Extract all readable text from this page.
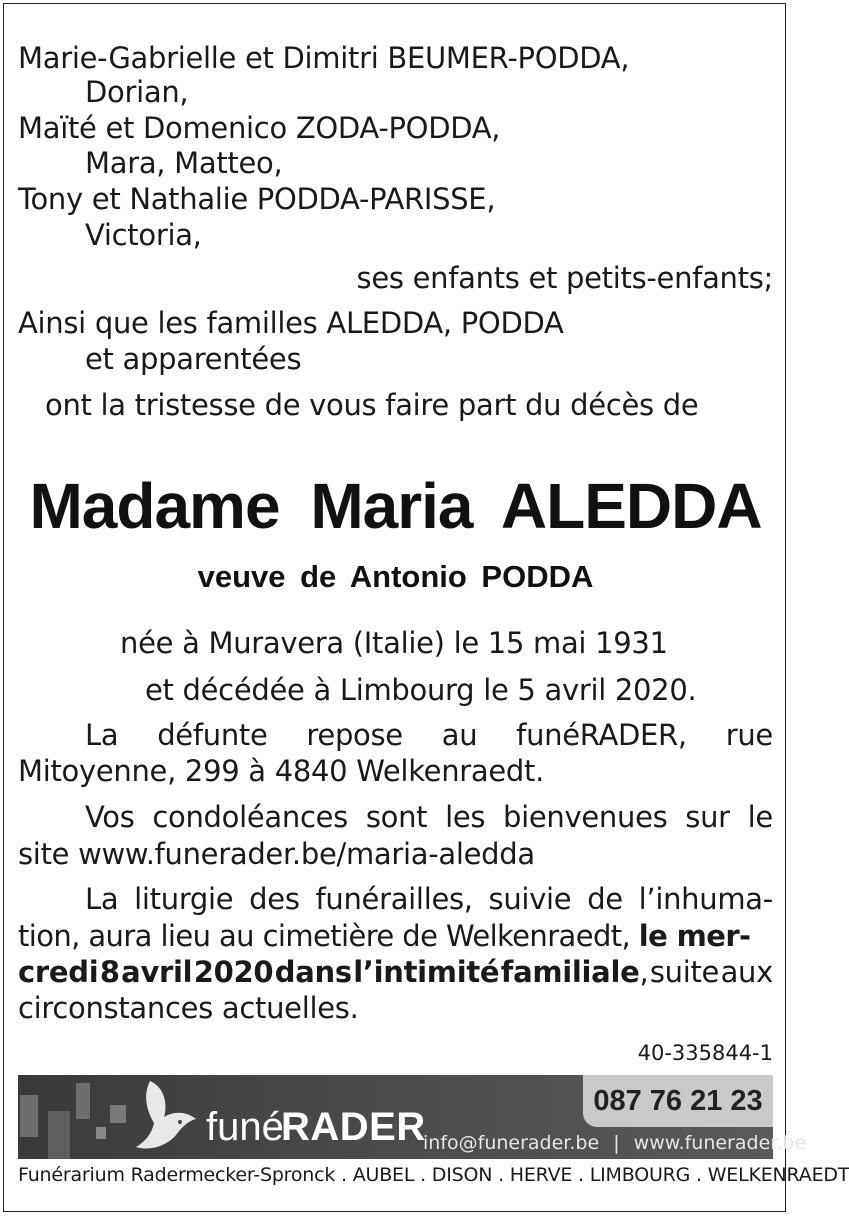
Marie-Gabrielle et Dimitri BEUMER-PODDA,
Dorian,
Maïté et Domenico ZODA-PODDA,
Mara, Matteo,
Tony et Nathalie PODDA-PARISSE,
Victoria,
ses enfants et petits-enfants;
Ainsi que les familles ALEDDA, PODDA
et apparentées
ont la tristesse de vous faire part du décès de
Madame Maria ALEDDA
veuve de Antonio PODDA
née à Muravera (Italie) le 15 mai 1931
et décédée à Limbourg le 5 avril 2020.
La défunte repose au funéRADER, rue
Mitoyenne, 299 à 4840 Welkenraedt.
Vos condoléances sont les bienvenues sur le
site www.funerader.be/maria-aledda
La liturgie des funérailles, suivie de l’inhuma-
tion, aura lieu au cimetière de Welkenraedt, le mer-
credi 8 avril 2020 dans l’intimité familiale, suite aux
circonstances actuelles.
40-335844-1
funé
RADER
087 76 21 23
info@funerader.be | www.funerader.be
Funérarium Radermecker-Spronck . AUBEL . DISON . HERVE . LIMBOURG . WELKENRAEDT
